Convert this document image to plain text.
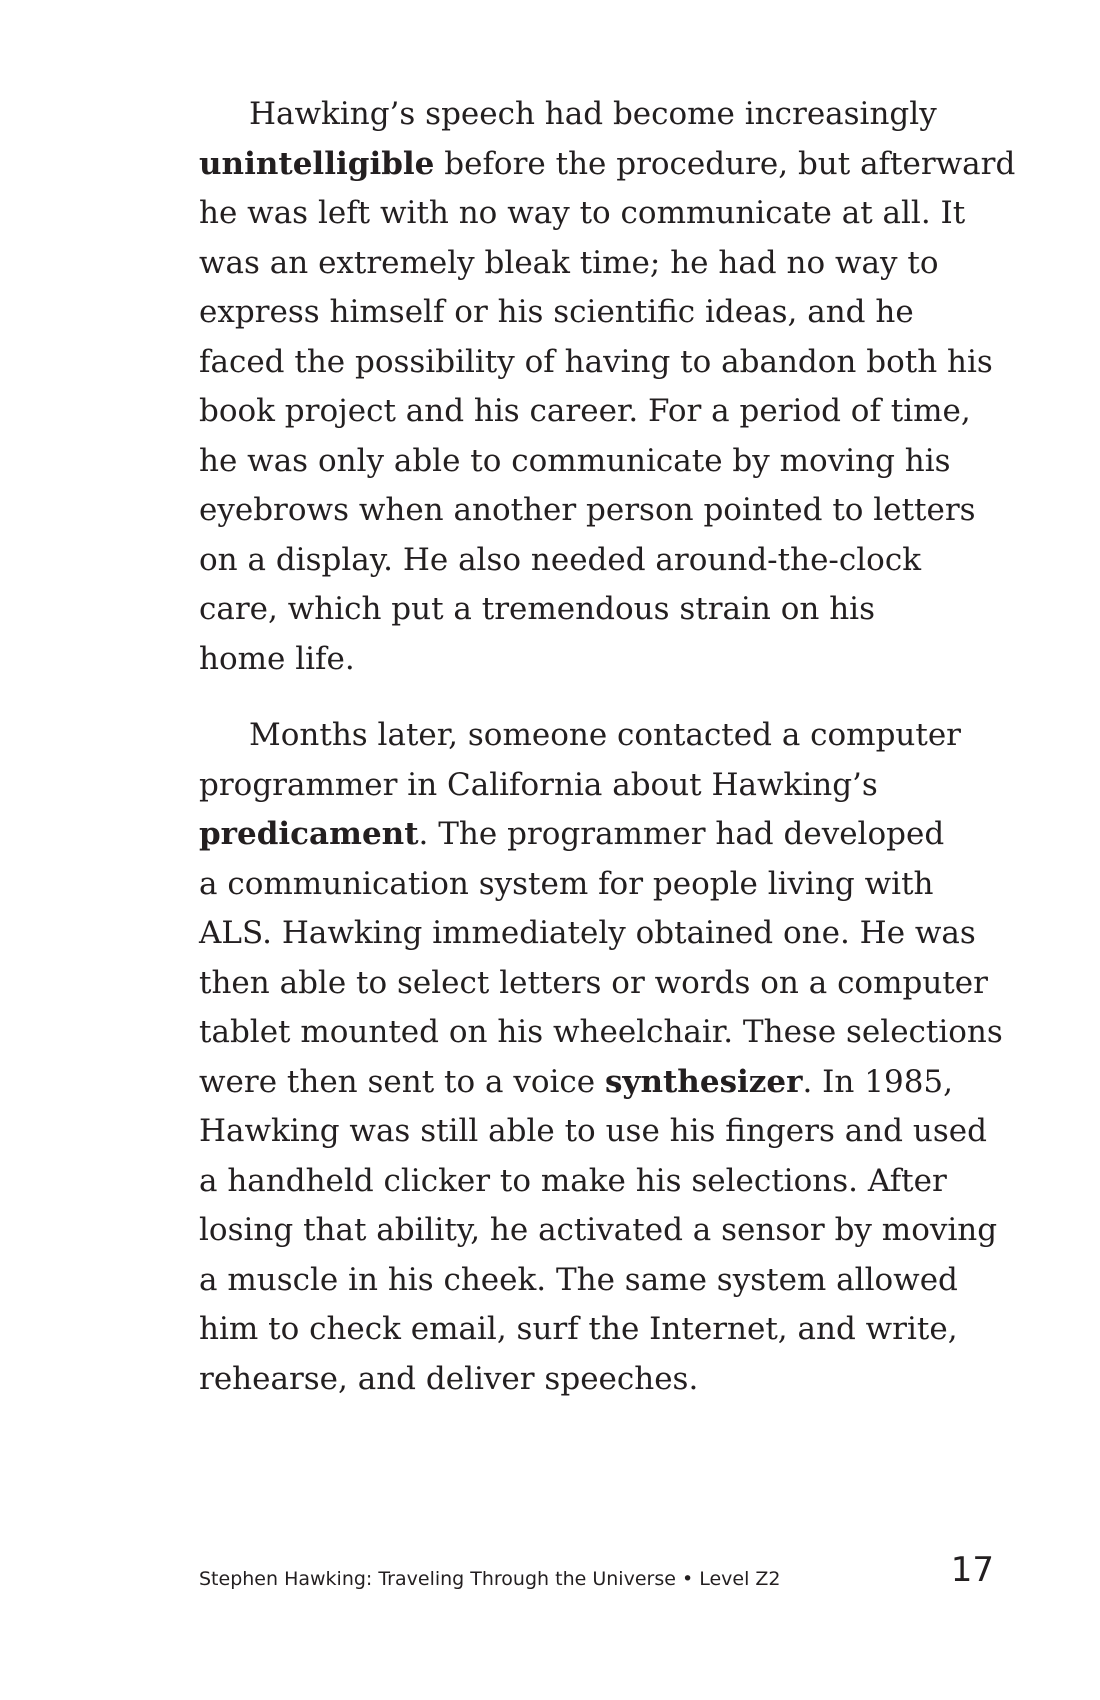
Hawking’s speech had become increasingly
unintelligible before the procedure, but afterward
he was left with no way to communicate at all. It
was an extremely bleak time; he had no way to
express himself or his scientific ideas, and he
faced the possibility of having to abandon both his
book project and his career. For a period of time,
he was only able to communicate by moving his
eyebrows when another person pointed to letters
on a display. He also needed around-the-clock
care, which put a tremendous strain on his
home life.
Months later, someone contacted a computer
programmer in California about Hawking’s
predicament. The programmer had developed
a communication system for people living with
ALS. Hawking immediately obtained one. He was
then able to select letters or words on a computer
tablet mounted on his wheelchair. These selections
were then sent to a voice synthesizer. In 1985,
Hawking was still able to use his fingers and used
a handheld clicker to make his selections. After
losing that ability, he activated a sensor by moving
a muscle in his cheek. The same system allowed
him to check email, surf the Internet, and write,
rehearse, and deliver speeches.
Stephen Hawking: Traveling Through the Universe • Level Z2	17
